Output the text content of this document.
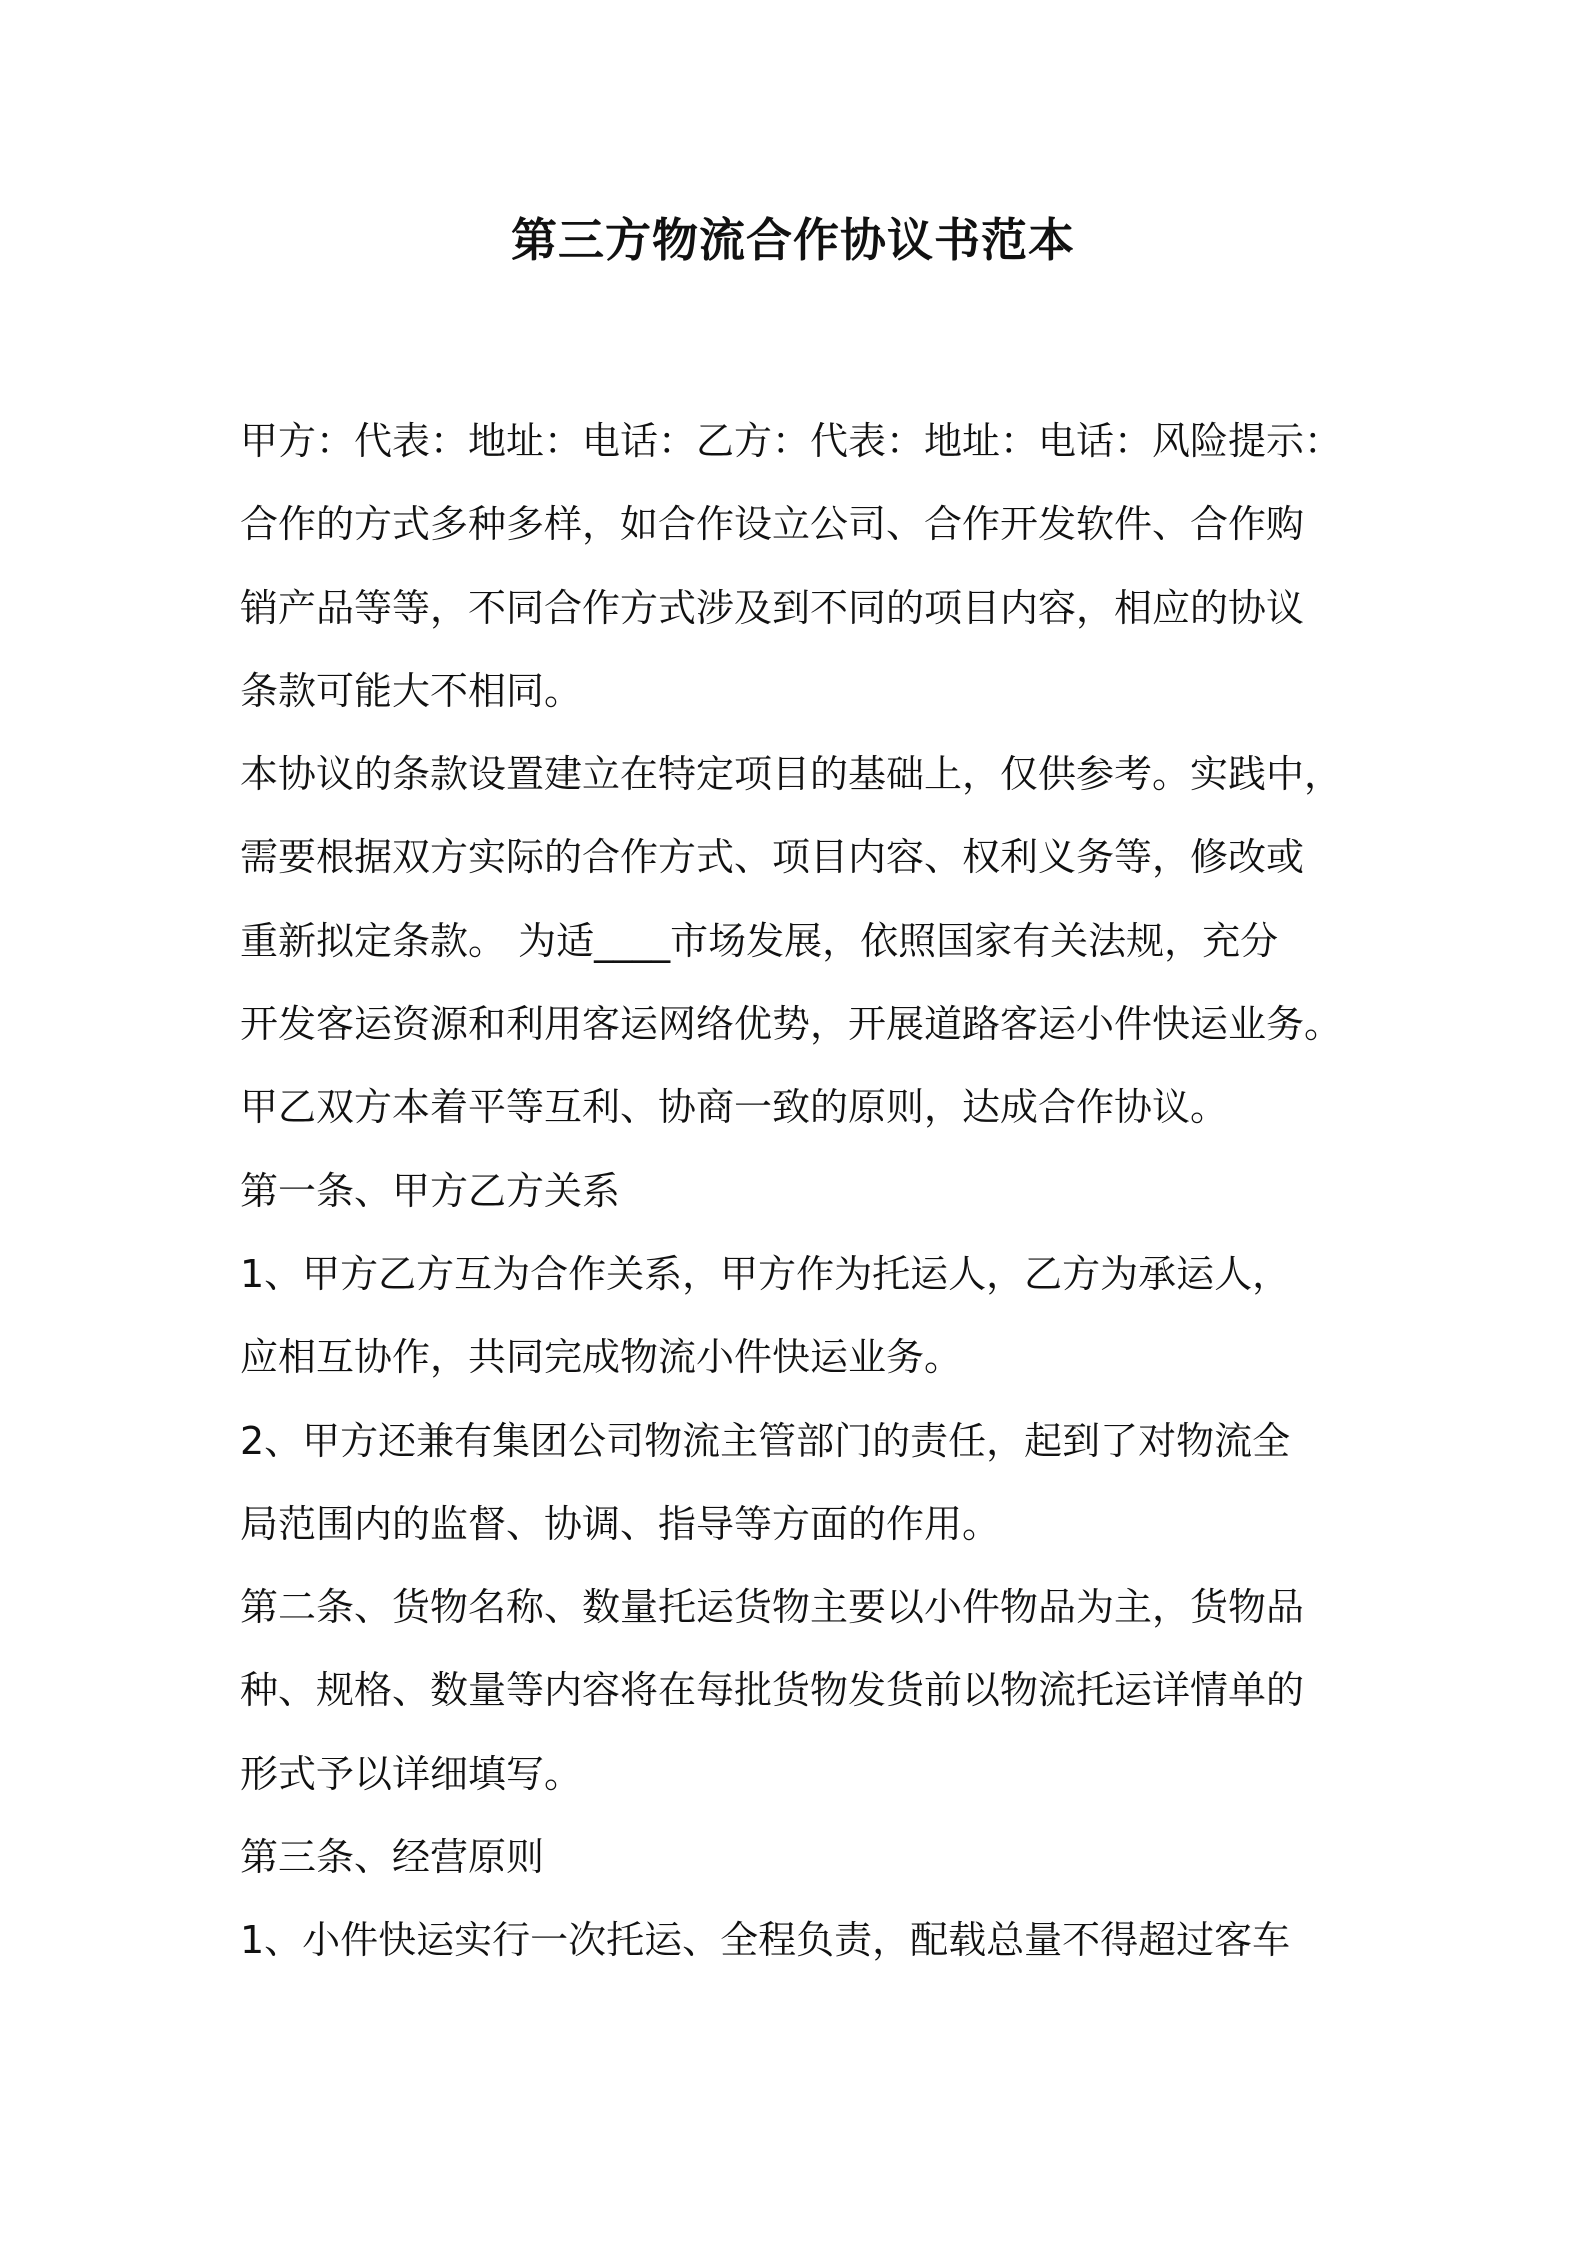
第三方物流合作协议书范本
甲方：代表：地址：电话：乙方：代表：地址：电话：风险提示：
合作的方式多种多样，如合作设立公司、合作开发软件、合作购
销产品等等，不同合作方式涉及到不同的项目内容，相应的协议
条款可能大不相同。
本协议的条款设置建立在特定项目的基础上，仅供参考。实践中，
需要根据双方实际的合作方式、项目内容、权利义务等，修改或
重新拟定条款。 为适____市场发展，依照国家有关法规，充分
开发客运资源和利用客运网络优势，开展道路客运小件快运业务。
甲乙双方本着平等互利、协商一致的原则，达成合作协议。
第一条、甲方乙方关系
1、甲方乙方互为合作关系，甲方作为托运人，乙方为承运人，
应相互协作，共同完成物流小件快运业务。
2、甲方还兼有集团公司物流主管部门的责任，起到了对物流全
局范围内的监督、协调、指导等方面的作用。
第二条、货物名称、数量托运货物主要以小件物品为主，货物品
种、规格、数量等内容将在每批货物发货前以物流托运详情单的
形式予以详细填写。
第三条、经营原则
1、小件快运实行一次托运、全程负责，配载总量不得超过客车
